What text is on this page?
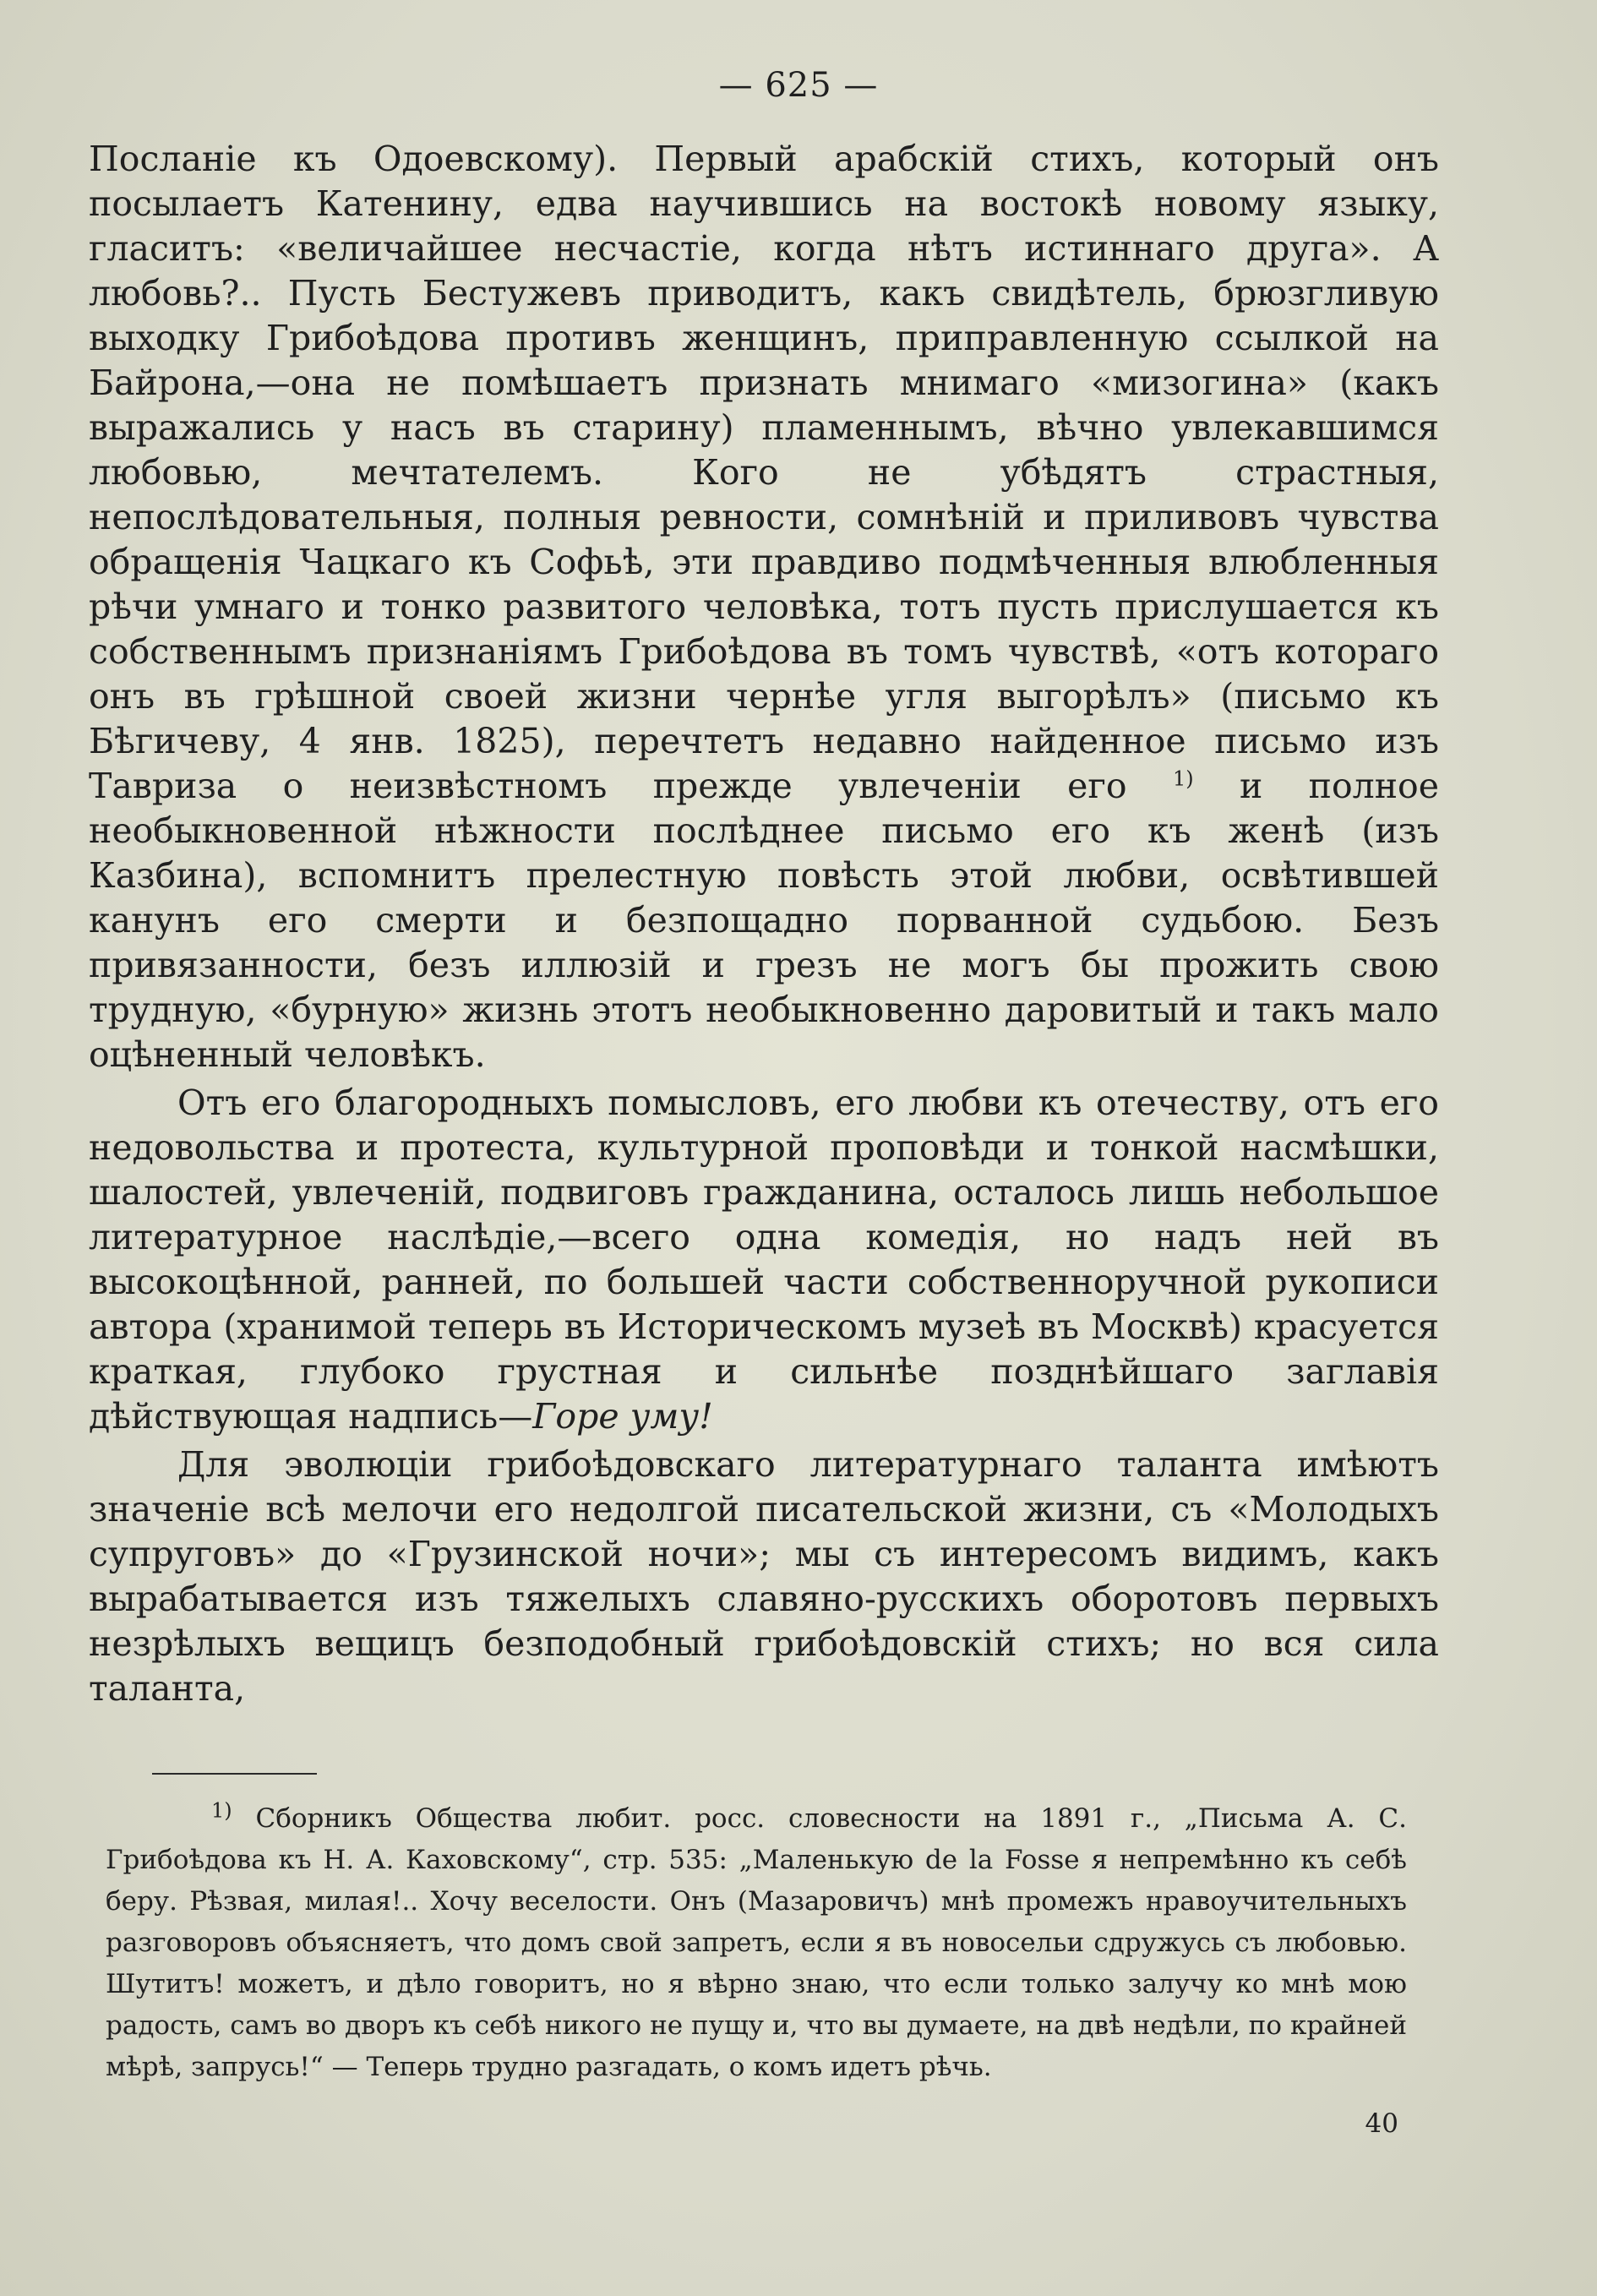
— 625 —

Посланіе къ Одоевскому). Первый арабскій стихъ, который онъ посылаетъ Катенину, едва научившись на востокѣ новому языку, гласитъ: «величайшее несчастіе, когда нѣтъ истиннаго друга». А любовь?.. Пусть Бестужевъ приводитъ, какъ свидѣтель, брюзгливую выходку Грибоѣдова противъ женщинъ, приправленную ссылкой на Байрона,—она не помѣшаетъ признать мнимаго «мизогина» (какъ выражались у насъ въ старину) пламеннымъ, вѣчно увлекавшимся любовью, мечтателемъ. Кого не убѣдятъ страстныя, непослѣдовательныя, полныя ревности, сомнѣній и приливовъ чувства обращенія Чацкаго къ Софьѣ, эти правдиво подмѣченныя влюбленныя рѣчи умнаго и тонко развитого человѣка, тотъ пусть прислушается къ собственнымъ признаніямъ Грибоѣдова въ томъ чувствѣ, «отъ котораго онъ въ грѣшной своей жизни чернѣе угля выгорѣлъ» (письмо къ Бѣгичеву, 4 янв. 1825), перечтетъ недавно найденное письмо изъ Тавриза о неизвѣстномъ прежде увлеченіи его $^{1)}$ и полное необыкновенной нѣжности послѣднее письмо его къ женѣ (изъ Казбина), вспомнитъ прелестную повѣсть этой любви, освѣтившей канунъ его смерти и безпощадно порванной судьбою. Безъ привязанности, безъ иллюзій и грезъ не могъ бы прожить свою трудную, «бурную» жизнь этотъ необыкновенно даровитый и такъ мало оцѣненный человѣкъ.

Отъ его благородныхъ помысловъ, его любви къ отечеству, отъ его недовольства и протеста, культурной проповѣди и тонкой насмѣшки, шалостей, увлеченій, подвиговъ гражданина, осталось лишь небольшое литературное наслѣдіе,—всего одна комедія, но надъ ней въ высокоцѣнной, ранней, по большей части собственноручной рукописи автора (хранимой теперь въ Историческомъ музеѣ въ Москвѣ) красуется краткая, глубоко грустная и сильнѣе позднѣйшаго заглавія дѣйствующая надпись—Горе уму!

Для эволюціи грибоѣдовскаго литературнаго таланта имѣютъ значеніе всѣ мелочи его недолгой писательской жизни, съ «Молодыхъ супруговъ» до «Грузинской ночи»; мы съ интересомъ видимъ, какъ вырабатывается изъ тяжелыхъ славяно-русскихъ оборотовъ первыхъ незрѣлыхъ вещицъ безподобный грибоѣдовскій стихъ; но вся сила таланта,

$^{1)}$ Сборникъ Общества любит. росс. словесности на 1891 г., „Письма А. С. Грибоѣдова къ Н. А. Каховскому“, стр. 535: „Маленькую de la Fosse я непремѣнно къ себѣ беру. Рѣзвая, милая!.. Хочу веселости. Онъ (Мазаровичъ) мнѣ промежъ нравоучительныхъ разговоровъ объясняетъ, что домъ свой запретъ, если я въ новосельи сдружусь съ любовью. Шутитъ! можетъ, и дѣло говоритъ, но я вѣрно знаю, что если только залучу ко мнѣ мою радость, самъ во дворъ къ себѣ никого не пущу и, что вы думаете, на двѣ недѣли, по крайней мѣрѣ, запрусь!“ — Теперь трудно разгадать, о комъ идетъ рѣчь.

40
